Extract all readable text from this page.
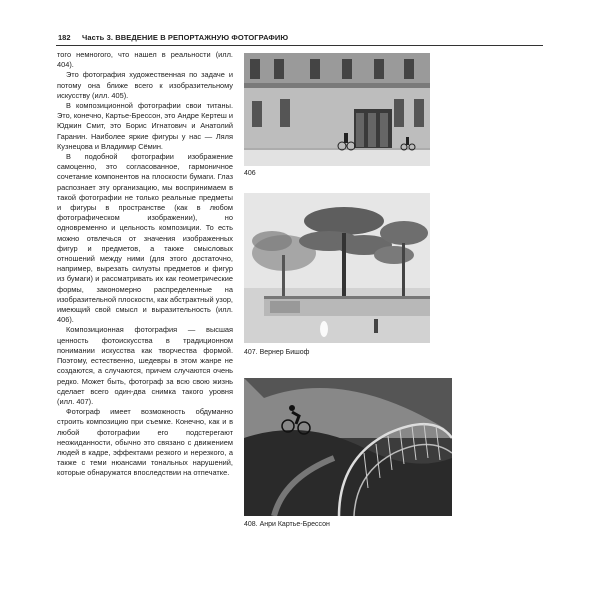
182 Часть 3. ВВЕДЕНИЕ В РЕПОРТАЖНУЮ ФОТОГРАФИЮ

того немногого, что нашел в реальности (илл. 404).

Это фотография художественная по задаче и потому она ближе всего к изобразительному искусству (илл. 405).

В композиционной фотографии свои титаны. Это, конечно, Картье-Брессон, это Андре Кертеш и Юджин Смит, это Борис Игнатович и Анатолий Гаранин. Наиболее яркие фигуры у нас — Ляля Кузнецова и Владимир Сёмин.

В подобной фотографии изображение самоценно, это согласованное, гармоничное сочетание компонентов на плоскости бумаги. Глаз распознает эту организацию, мы воспринимаем в такой фотографии не только реальные предметы и фигуры в пространстве (как в любом фотографическом изображении), но одновременно и цельность композиции. То есть можно отвлечься от значения изображенных фигур и предметов, а также смысловых отношений между ними (для этого достаточно, например, вырезать силуэты предметов и фигур из бумаги) и рассматривать их как геометрические формы, закономерно распределенные на изобразительной плоскости, как абстрактный узор, имеющий свой смысл и выразительность (илл. 406).

Композиционная фотография — высшая ценность фотоискусства в традиционном понимании искусства как творчества формой. Поэтому, естественно, шедевры в этом жанре не создаются, а случаются, причем случаются очень редко. Может быть, фотограф за всю свою жизнь сделает всего один-два снимка такого уровня (илл. 407).

Фотограф имеет возможность обдуманно строить композицию при съемке. Конечно, как и в любой фотографии его подстерегают неожиданности, обычно это связано с движением людей в кадре, эффектами резкого и нерезкого, а также с теми нюансами тональных нарушений, которые обнаружатся впоследствии на отпечатке.

406
407. Вернер Бишоф
408. Анри Картье-Брессон
